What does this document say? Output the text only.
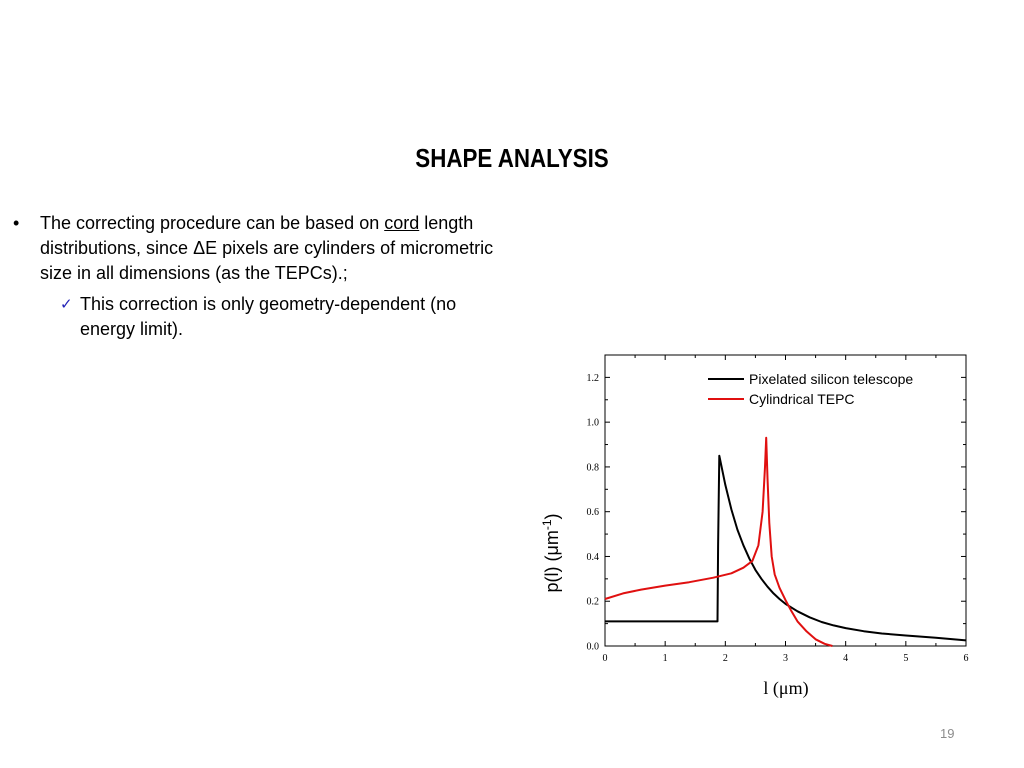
SHAPE ANALYSIS
• The correcting procedure can be based on cord length distributions, since ΔE pixels are cylinders of micrometric size in all dimensions (as the TEPCs).;
✓ This correction is only geometry-dependent (no energy limit).
0	1	2	3	4	5	6
0.0
0.2
0.4
0.6
0.8
1.0
1.2	Pixelated silicon telescope
Cylindrical TEPC
l (μm)
p(l) $(\mu m^{-1})$
19
